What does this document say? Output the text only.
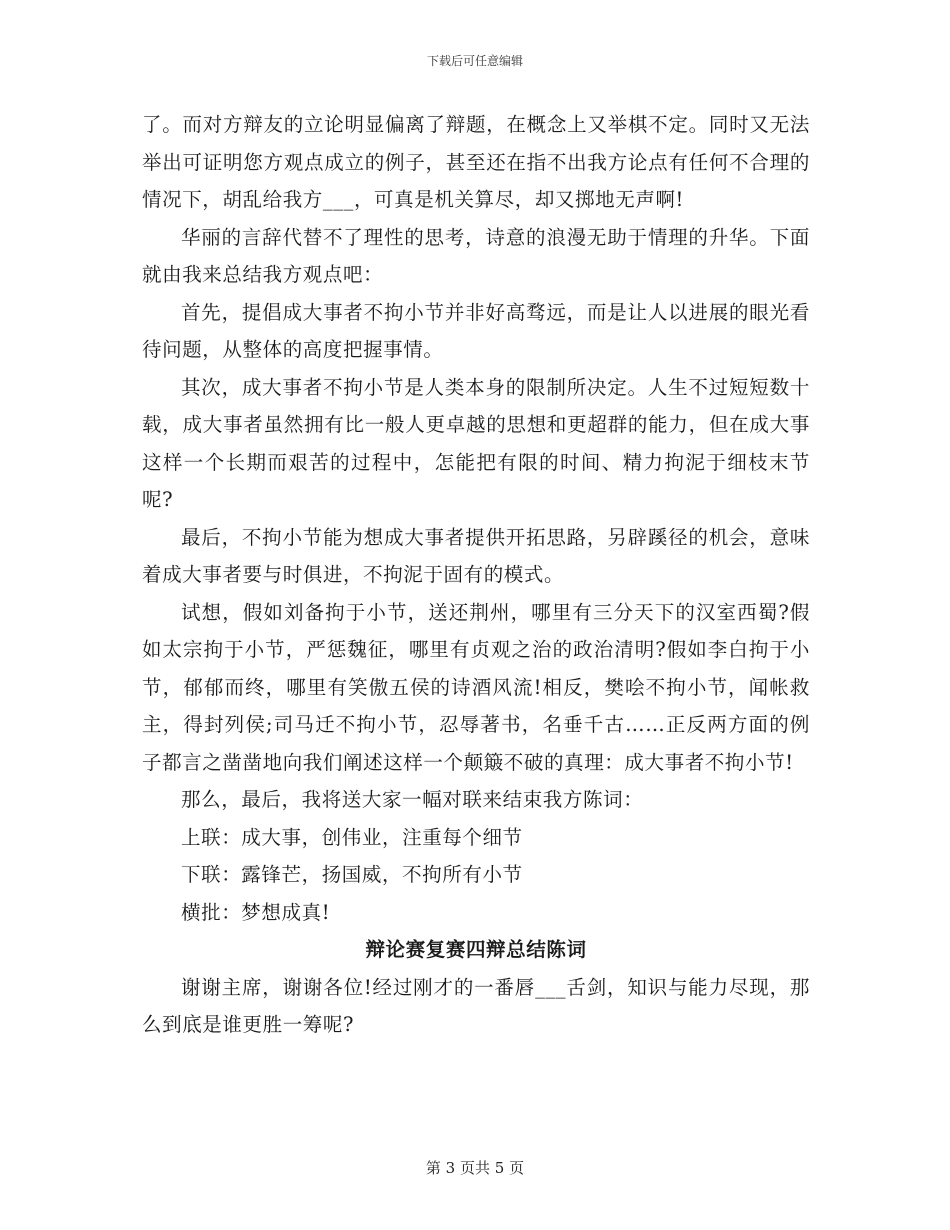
下载后可任意编辑

了。而对方辩友的立论明显偏离了辩题，在概念上又举棋不定。同时又无法举出可证明您方观点成立的例子，甚至还在指不出我方论点有任何不合理的情况下，胡乱给我方___，可真是机关算尽，却又掷地无声啊!

华丽的言辞代替不了理性的思考，诗意的浪漫无助于情理的升华。下面就由我来总结我方观点吧：

首先，提倡成大事者不拘小节并非好高骛远，而是让人以进展的眼光看待问题，从整体的高度把握事情。

其次，成大事者不拘小节是人类本身的限制所决定。人生不过短短数十载，成大事者虽然拥有比一般人更卓越的思想和更超群的能力，但在成大事这样一个长期而艰苦的过程中，怎能把有限的时间、精力拘泥于细枝末节呢?

最后，不拘小节能为想成大事者提供开拓思路，另辟蹊径的机会，意味着成大事者要与时俱进，不拘泥于固有的模式。

试想，假如刘备拘于小节，送还荆州，哪里有三分天下的汉室西蜀?假如太宗拘于小节，严惩魏征，哪里有贞观之治的政治清明?假如李白拘于小节，郁郁而终，哪里有笑傲五侯的诗酒风流!相反，樊哙不拘小节，闻帐救主，得封列侯;司马迁不拘小节，忍辱著书，名垂千古……正反两方面的例子都言之凿凿地向我们阐述这样一个颠簸不破的真理：成大事者不拘小节!

那么，最后，我将送大家一幅对联来结束我方陈词：

上联：成大事，创伟业，注重每个细节

下联：露锋芒，扬国威，不拘所有小节

横批：梦想成真!

辩论赛复赛四辩总结陈词

谢谢主席，谢谢各位!经过刚才的一番唇___舌剑，知识与能力尽现，那么到底是谁更胜一筹呢?

第 3 页共 5 页
